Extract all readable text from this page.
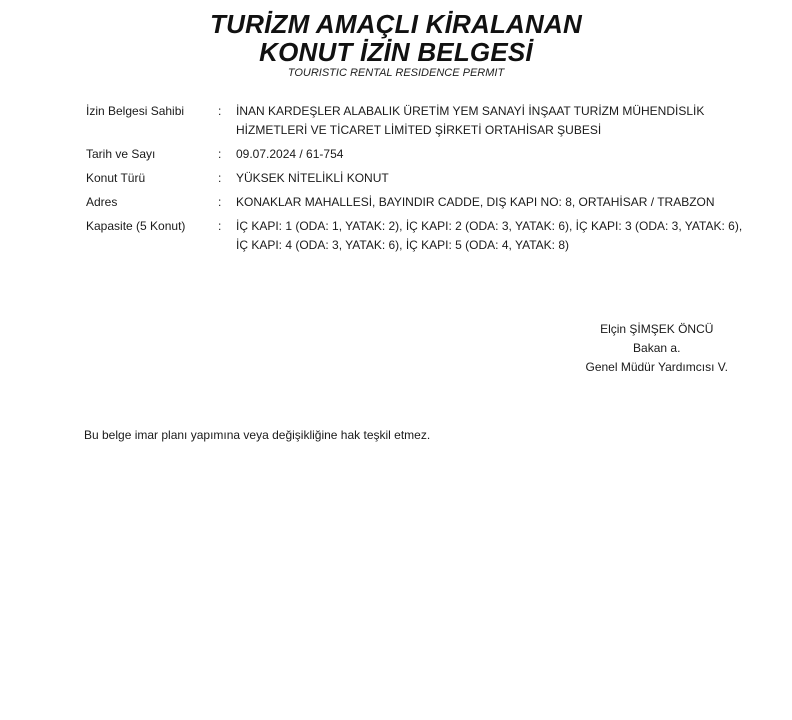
TURİZM AMAÇLI KİRALANAN
KONUT İZİN BELGESİ
TOURISTIC RENTAL RESIDENCE PERMIT
İzin Belgesi Sahibi	:	İNAN KARDEŞLER ALABALIK ÜRETİM YEM SANAYİ İNŞAAT TURİZM MÜHENDİSLİK HİZMETLERİ VE TİCARET LİMİTED ŞİRKETİ ORTAHİSAR ŞUBESİ
Tarih ve Sayı	:	09.07.2024 / 61-754
Konut Türü	:	YÜKSEK NİTELİKLİ KONUT
Adres	:	KONAKLAR MAHALLESİ, BAYINDIR CADDE, DIŞ KAPI NO: 8, ORTAHİSAR / TRABZON
Kapasite (5 Konut)	:	İÇ KAPI: 1 (ODA: 1, YATAK: 2), İÇ KAPI: 2 (ODA: 3, YATAK: 6), İÇ KAPI: 3 (ODA: 3, YATAK: 6), İÇ KAPI: 4 (ODA: 3, YATAK: 6), İÇ KAPI: 5 (ODA: 4, YATAK: 8)
Elçin ŞİMŞEK ÖNCÜ
Bakan a.
Genel Müdür Yardımcısı V.
Bu belge imar planı yapımına veya değişikliğine hak teşkil etmez.
